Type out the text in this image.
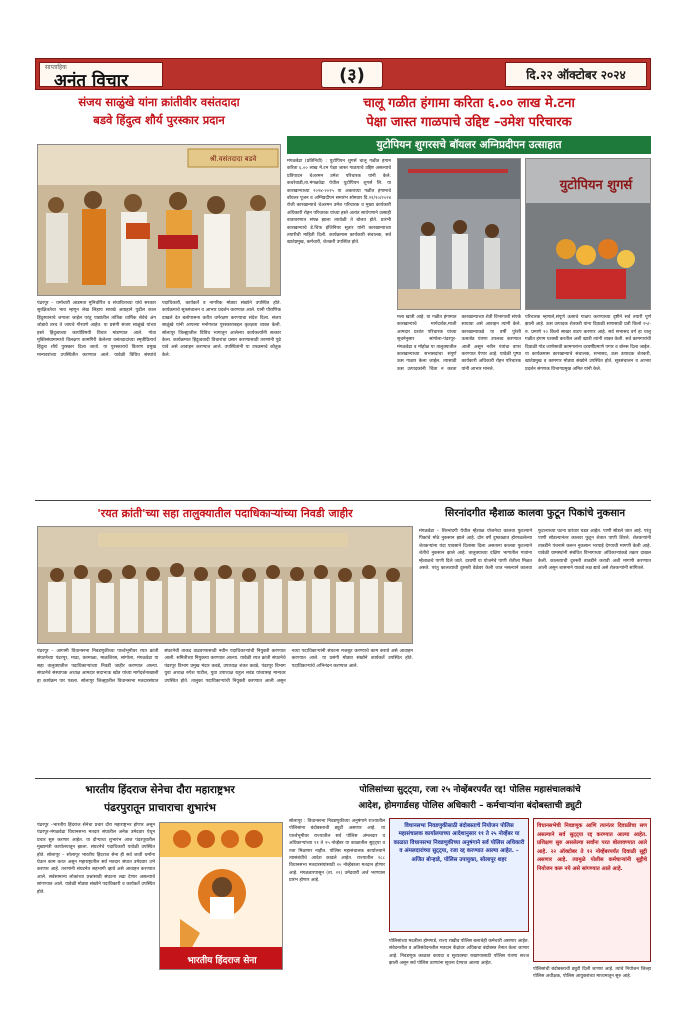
साप्ताहिक
अनंत विचार	(३)	दि.२२ ऑक्टोबर २०२४
संजय साळुंखे यांना क्रांतीवीर वसंतदादा
बडवे हिंदुत्व शौर्य पुरस्कार प्रदान
श्री.वसंतदादा बडवे
पंढरपूर – धर्माचारी आडमता मुनिचोरिंत व संचारिताच्या यांचे सरकार सुरक्षिततेचा भाव म्हणून लेख लिहाय सारखे आग्रहाने पुढील काल हिंदुस्थानाचे जगाला जाईल परंतु याद्यांतील तांत्रिक धार्मिक सेवेचे अंग जोडावे तरच ते जायचे गौरवणे आहेत. या प्रसंगी संजय साळुंखे यांच्या हस्ते हिंदुत्वाच्या कार्याविषयी विचार मांडण्यात आले. गोवा मुक्तिसंग्रामामध्ये विलक्षण कामगिरी केलेल्या वसंतदादांच्या स्मृतीप्रित्यर्थ हिंदुत्व शौर्य पुरस्कार दिला जातो. या पुरस्काराचे वितरण प्रमुख मान्यवरांच्या उपस्थितीत करण्यात आले. यावेळी विविध संस्थांचे पदाधिकारी, कार्यकर्ते व नागरिक मोठ्या संख्येने उपस्थित होते. कार्यक्रमाचे सूत्रसंचालन व आभार प्रदर्शन करण्यात आले. यानी पौराणिक दाखले देत बलोपासना करीत धर्मरक्षण करण्याचा संदेश दिला. संजय साळुंखे यांनी आपल्या मनोगतात पुरस्काराबद्दल कृतज्ञता व्यक्त केली. सोलापूर जिल्ह्यातील विविध भागातून आलेल्या कार्यकर्त्यांनी सत्कार केला. कार्यक्रमात हिंदुत्ववादी विचारांचा प्रसार करण्यासाठी तरुणांनी पुढे यावे असे आवाहन करण्यात आले. उपस्थितांनी या उपक्रमाचे कौतुक केले.
चालू गळीत हंगामा करिता ६.०० लाख मे.टना
पेक्षा जास्त गाळपाचे उद्दिष्ट –उमेश परिचारक
युटोपियन शुगरसचे बॉयलर अग्निप्रदीपन उत्साहात
मंगळवेढा (प्रतिनिधी) : युटोपियन शुगर्स चालू गळीत हंगाम करिता ६.०० लाख मे.टन पेक्षा जास्त गाळपाचे उद्दिष्ट असल्याचे प्रतिपादन चेअरमन उमेश परिचारक यांनी केले. कचरेवाडी,ता.मंगळवेढा येथील युटोपियन शुगर्स लि. या कारखान्याच्या २०२४-२०२५ या अकराव्या गळीत हंगामाचे बॉयलर पूजन व अग्निप्रदीपन समारंभ सोमवार दि.२१/१०/२०२४ रोजी कारखान्याचे चेअरमन उमेश परिचारक व मुख्य कार्यकारी अधिकारी रोहन परिचारक यांच्या हस्ते अत्यंत साधेपणाने उत्साही वातावरणात संपन्न झाला त्यावेळी ते बोलत होते. प्रारंभी कारखान्याचे डे.चिफ इंजिनियर सूतार यांनी कारखान्याच्या तयारीची माहिती दिली. कार्यक्रमास कार्यकारी संचालक, सर्व खातेप्रमुख, कर्मचारी, शेतकरी उपस्थित होते.
युटोपियन शुगर्स
मला खात्री आहे. या गळीत हंगामात कारखान्याचे मार्गदर्शक,माजी आमदार प्रशांत परिचारक यांच्या सूचनेनुसार सांगोला-पंढरपूर-मंगळवेढा व मोहोळ या तालुक्यातील कारखान्याच्या सभासदांचा संपूर्ण ऊस गाळप केला जाईल. त्यासाठी ऊस उत्पादकांनी चिंता न करता कारखान्याच्या शेती विभागाशी संपर्क साधावा असे आवाहन त्यांनी केले. कारखान्याकडे या वर्षी पुरेशी ऊसतोड यंत्रणा उपलब्ध करण्यात आली असून नवीन यंत्रांचा वापर करण्यात येणार आहे. यावेळी पुष्पा कार्यकारी अधिकारी रोहन परिचारक यांनी आभार मानले.
परिचारक म्हणाले,संपूर्ण ऊसाचे गाळप करण्याच्या दृष्टीने सर्व तयारी पूर्ण झाली आहे. ऊस उत्पादक शेतकरी यांना दिवाळी सणासाठी प्रती किलो २५/- रु. प्रमाणे १० किलो साखर वाटप करणार आहे. सर्व सभासद वर्ग हा चालू गळीत हंगाम यशस्वी करतील अशी खात्री त्यांनी व्यक्त केली. सर्व कामगारांची दिवाळी गोड जाणेसाठी कामगारांना दरवर्षीप्रमाणे पगार व बोनस दिला जाईल. या कार्यक्रमास कारखान्याचे संचालक, सभासद, ऊस उत्पादक शेतकरी, खातेप्रमुख व कामगार मोठ्या संख्येने उपस्थित होते. सूत्रसंचालन व आभार प्रदर्शन संगणक विभागप्रमुख अमित यांनी केले.
'रयत क्रांती'च्या सहा तालुक्यातील पदाधिकाऱ्यांच्या निवडी जाहीर
पंढरपूर – आगामी विधानसभा निवडणुकीच्या पार्श्वभूमीवर रयत क्रांती संघटनेच्या पंढरपूर, माढा, करमाळा, माळशिरस, सांगोला, मंगळवेढा या सहा तालुक्यातील पदाधिकाऱ्यांच्या निवडी जाहीर करण्यात आल्या. संघटनेचे संस्थापक अध्यक्ष आमदार सदाभाऊ खोत यांच्या मार्गदर्शनाखाली हा कार्यक्रम पार पडला. सोलापूर जिल्ह्यातील विधानसभा मतदारसंघात संघटनेची ताकद वाढवण्यासाठी नवीन पदाधिकाऱ्यांची नियुक्ती करण्यात आली. समितीच्या नियुक्त्या करण्यात आल्या. यावेळी रयत क्रांती संघटनेचे पंढरपूर विभाग प्रमुख मंदार कवडे, उपाध्यक्ष शंकर कवडे, पंढरपूर विभाग युवा अध्यक्ष रुपेश पाटील, युवा उपाध्यक्ष राहुल लवंड यांच्यासह मान्यवर उपस्थित होते. तालुका पदाधिकाऱ्यांची नियुक्ती करण्यात आली असून नव्या पदाधिकाऱ्यांनी संघटना मजबूत करण्याचे काम करावे असे आवाहन करण्यात आले. या प्रसंगी मोठ्या संख्येने कार्यकर्ते उपस्थित होते. पदाधिकाऱ्यांचे अभिनंदन करण्यात आले.
सिरनांदगीत म्हैशाळ कालवा फुटून पिकांचे नुकसान
मंगळवेढा – शिरनांदगी येथील म्हैशाळ योजनेचा कालवा फुटल्याने पिकांचे मोठे नुकसान झाले आहे. दोन वर्षे दुष्काळात होरपळलेल्या शेतकऱ्यांना यंदा पावसाने दिलासा दिला असताना कालवा फुटल्याने शेतीचे नुकसान झाले आहे. तालुक्याच्या दक्षिण भागातील गावांना म्हैशाळचे पाणी दिले जाते. दरवर्षी या योजनेचे पाणी शेतीला मिळत असते. परंतु कालव्याची दुरुस्ती वेळेवर केली जात नसल्याने कालवा फुटल्याच्या घटना वारंवार घडत आहेत. पाणी सोडले जात आहे. परंतु पाणी सोडल्यानंतर कालवा फुटून शेतात पाणी शिरले. शेतकऱ्यांनी तातडीने पंचनामे करून नुकसान भरपाई देण्याची मागणी केली आहे. यावेळी ग्रामस्थांनी संबंधित विभागाच्या अधिकाऱ्यांकडे तक्रार दाखल केली. कालव्याची दुरुस्ती तातडीने करावी अशी मागणी करण्यात आली असून शासनाने याकडे लक्ष द्यावे असे शेतकऱ्यांनी सांगितले.
भारतीय हिंदराज सेनेचा दौरा महाराष्ट्रभर
पंढरपुरातून प्राचाराचा शुभारंभ
भारतीय हिंदराज सेना
पंढरपूर –भारतीय हिंदराज सेनेचा प्रचार दौरा महाराष्ट्रभर होणार असून पंढरपूर-मंगळवेढा विधानसभा मतदार संघातील अनेक उमेदवार येथून प्रचार सुरु करणार आहेत. या दौऱ्याचा शुभारंभ आज पंढरपूरातील मुख्यमंत्री कार्यालयातून झाला. संघटनेचे पदाधिकारी यावेळी उपस्थित होते. सोलापूर – सोलापूर भारतीय हिंदराज सेना ही सर्व जाती धर्मांना घेऊन काम करत असून महाराष्ट्रातील सर्व मतदार संघात उमेदवार उभे करणार आहे. तरुणांनी संघटनेत सहभागी व्हावे असे आवाहन करण्यात आले. सर्वसामान्य लोकांच्या प्रश्नांसाठी संघटना लढा देणार असल्याचे सांगण्यात आले. यावेळी मोठ्या संख्येने पदाधिकारी व कार्यकर्ते उपस्थित होते.
पोलिसांच्या सुट्ट्या, रजा २५ नोव्हेंबरपर्यंत रद्द! पोलिस महासंचालकांचे
आदेश, होमगार्डसह पोलिस अधिकारी – कर्मचाऱ्यांना बंदोबस्ताची ड्युटी
सोलापूर : विधानसभा निवडणुकीच्या अनुषंगाने राज्यातील पोलिसांना बंदोबस्ताची ड्युटी असणार आहे. या पार्श्वभूमीवर राज्यातील सर्व पोलिस अंमलदार व अधिकाऱ्यांच्या ११ ते २५ नोव्हेंबर या काळातील सुट्ट्या व रजा मिळणार नाहीत. पोलिस महासंचालक कार्यालयाने त्यासंबंधीचे आदेश काढले आहेत. राज्यातील २८८ विधानसभा मतदारसंघांसाठी २० नोव्हेंबरला मतदान होणार आहे. मंगळवारपासून (ता. २२) उमेदवारी अर्ज भरण्यास प्रारंभ होणार आहे.
विधानसभा निवडणुकीसाठी बंदोबस्ताचे नियोजन पोलिस महासंचालक कार्यालयाच्या आदेशानुसार ११ ते २५ नोव्हेंबर या काळात विधानसभा निवडणुकीच्या अनुषंगाने सर्व पोलिस अधिकारी व अंमलदारांच्या सुट्ट्या, रजा रद्द करण्यात आल्या आहेत. – अजित बोऱ्हाडे, पोलिस उपायुक्त, सोलापूर शहर
पोलिसांच्या मदतीला होमगार्ड, राज्य राखीव पोलिस बलाचेही कर्मचारी असणार आहेत. संवेदनशील व अतिसंवेदनशील मतदान केंद्रांवर अधिकचा बंदोबस्त तैनात केला जाणार आहे. निवडणूक काळात कायदा व सुव्यवस्था राखण्यासाठी पोलिस यंत्रणा सज्ज झाली असून सर्व पोलिस ठाण्यांना सूचना देण्यात आल्या आहेत.
विधानसभेची निवडणूक आणि त्यानंतर दिवाळीचा सण असल्याने सर्व सुट्ट्या रद्द करण्यात आल्या आहेत. प्रशिक्षण सुरु असलेल्या सर्वांना परत बोलावण्यात आले आहे. २२ ऑक्टोबर ते १२ नोव्हेंबरपर्यंत दिवाळी सुट्टी असणार आहे. त्यामुळे पोलीस कर्मचाऱ्यांनी सुट्टीचे नियोजन करू नये असे सांगण्यात आले आहे.
पोलिसांची बंदोबस्ताची ड्युटी दिली जाणार आहे. त्यांचे नियोजन जिल्हा पोलिस अधीक्षक, पोलिस आयुक्तांच्या माध्यमातून सुरु आहे.
